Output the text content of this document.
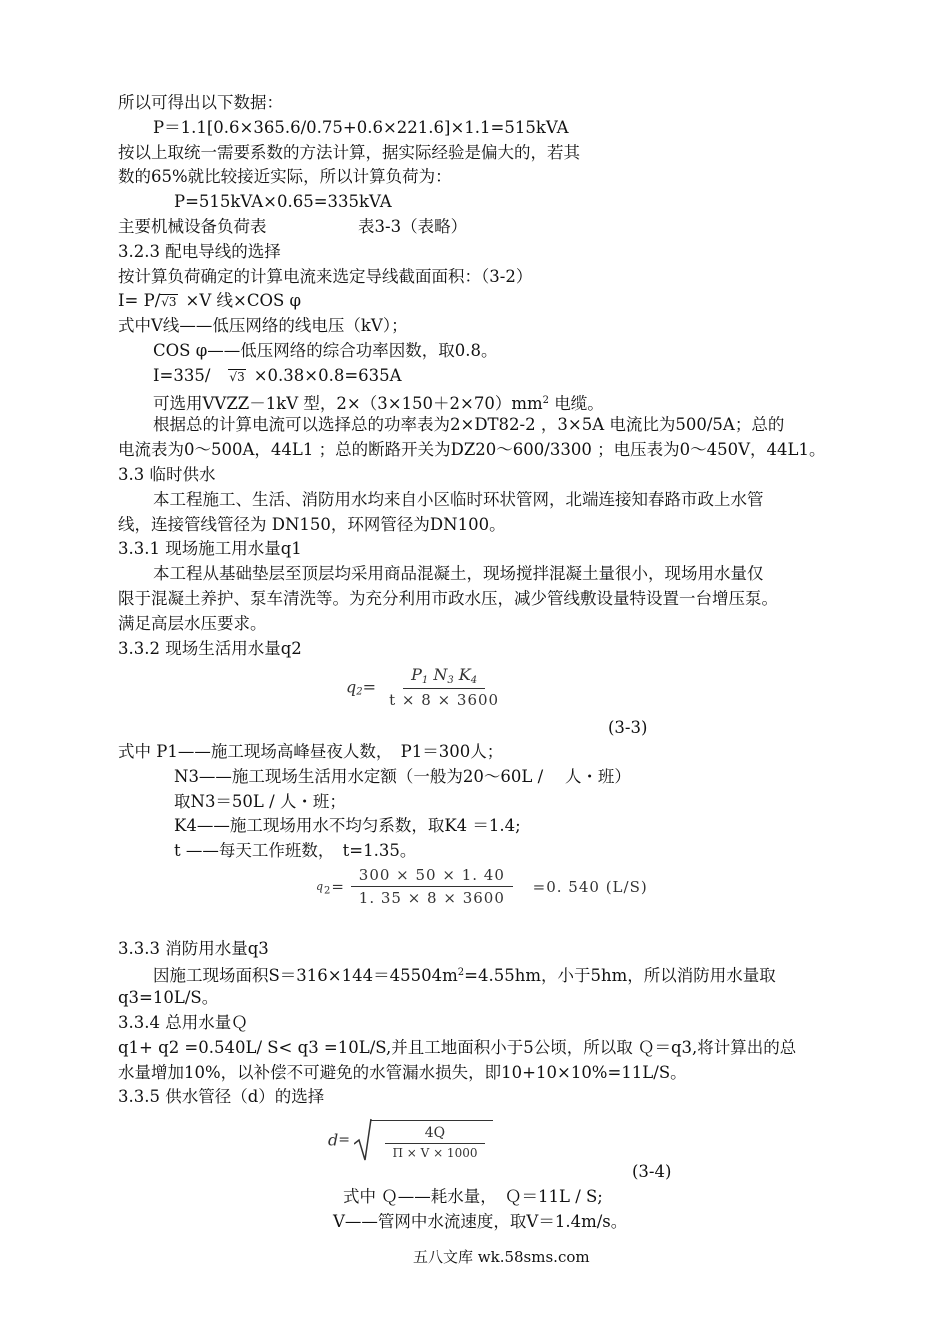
所以可得出以下数据：
P＝1.1[0.6×365.6/0.75+0.6×221.6]×1.1=515kVA
按以上取统一需要系数的方法计算，据实际经验是偏大的，若其
数的65%就比较接近实际，所以计算负荷为：
P=515kVA×0.65=335kVA
主要机械设备负荷表	表3-3（表略）
3.2.3 配电导线的选择
按计算负荷确定的计算电流来选定导线截面面积：（3-2）
I= P/√3 ×V 线×COS φ
式中V线——低压网络的线电压（kV）；
COS φ——低压网络的综合功率因数，取0.8。
I=335/ √3 ×0.38×0.8=635A
可选用VVZZ－1kV 型，$2\times(3\times 150+2\times 70)mm^2$ 电缆。
根据总的计算电流可以选择总的功率表为2×DT82-2 ，3×5A 电流比为500/5A；总的
电流表为0～500A，44L1 ；总的断路开关为DZ20～600/3300 ；电压表为0～450V，44L1。
3.3 临时供水
本工程施工、生活、消防用水均来自小区临时环状管网，北端连接知春路市政上水管
线，连接管线管径为 DN150，环网管径为DN100。
3.3.1 现场施工用水量q1
本工程从基础垫层至顶层均采用商品混凝土，现场搅拌混凝土量很小，现场用水量仅
限于混凝土养护、泵车清洗等。为充分利用市政水压，减少管线敷设量特设置一台增压泵。
满足高层水压要求。
3.3.2 现场生活用水量q2
$q_2= \frac{P_1 N_3 K_4}{t \times 8 \times 3600}$
(3-3)
式中 P1——施工现场高峰昼夜人数，　P1＝300人；
N3——施工现场生活用水定额（一般为20～60L / 　人・班）
取N3＝50L / 人・班；
K4——施工现场用水不均匀系数，取K4 ＝1.4;
t ——每天工作班数，　t=1.35。
$q_2= \frac{300 \times 50 \times 1. 40}{1. 35 \times 8 \times 3600} =0$. 540 (L/S)
3.3.3 消防用水量q3
因施工现场面积$S=316\times 144=45504m^2=4.55hm$，小于5hm，所以消防用水量取
q3=10L/S。
3.3.4 总用水量Ｑ
q1+ q2 =0.540L/ S< q3 =10L/S,并且工地面积小于5公顷，所以取 Ｑ＝q3,将计算出的总
水量增加10%，以补偿不可避免的水管漏水损失，即10+10×10%=11L/S。
3.3.5 供水管径（d）的选择
$d= \frac{4Q}{П \times V \times 1000}$
(3-4)
式中 Ｑ——耗水量，　Ｑ＝11L / S;
V——管网中水流速度，取V＝1.4m/s。
五八文库 wk.58sms.com
